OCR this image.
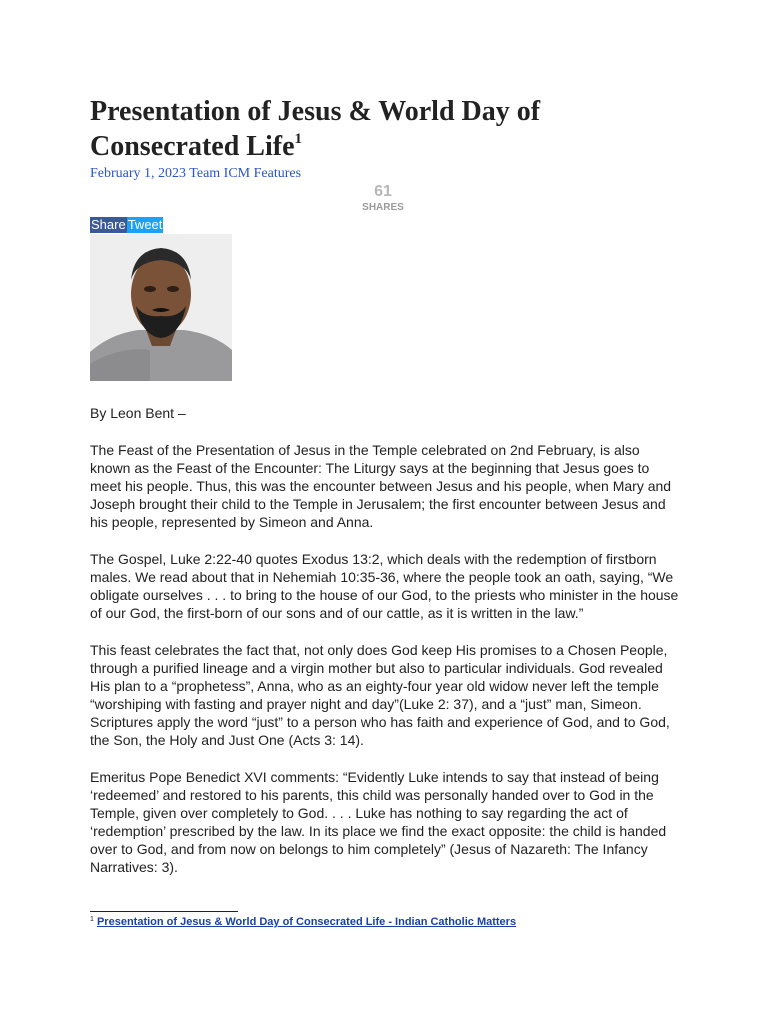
Presentation of Jesus & World Day of Consecrated Life$^1$
February 1, 2023 Team ICM Features
61
SHARES
Share Tweet

By Leon Bent –

The Feast of the Presentation of Jesus in the Temple celebrated on 2nd February, is also known as the Feast of the Encounter: The Liturgy says at the beginning that Jesus goes to meet his people. Thus, this was the encounter between Jesus and his people, when Mary and Joseph brought their child to the Temple in Jerusalem; the first encounter between Jesus and his people, represented by Simeon and Anna.

The Gospel, Luke 2:22-40 quotes Exodus 13:2, which deals with the redemption of firstborn males. We read about that in Nehemiah 10:35-36, where the people took an oath, saying, “We obligate ourselves . . . to bring to the house of our God, to the priests who minister in the house of our God, the first-born of our sons and of our cattle, as it is written in the law.”

This feast celebrates the fact that, not only does God keep His promises to a Chosen People, through a purified lineage and a virgin mother but also to particular individuals. God revealed His plan to a “prophetess”, Anna, who as an eighty-four year old widow never left the temple “worshiping with fasting and prayer night and day”(Luke 2: 37), and a “just” man, Simeon. Scriptures apply the word “just” to a person who has faith and experience of God, and to God, the Son, the Holy and Just One (Acts 3: 14).

Emeritus Pope Benedict XVI comments: “Evidently Luke intends to say that instead of being ‘redeemed’ and restored to his parents, this child was personally handed over to God in the Temple, given over completely to God. . . . Luke has nothing to say regarding the act of ‘redemption’ prescribed by the law. In its place we find the exact opposite: the child is handed over to God, and from now on belongs to him completely” (Jesus of Nazareth: The Infancy Narratives: 3).

$^1$ Presentation of Jesus & World Day of Consecrated Life - Indian Catholic Matters
